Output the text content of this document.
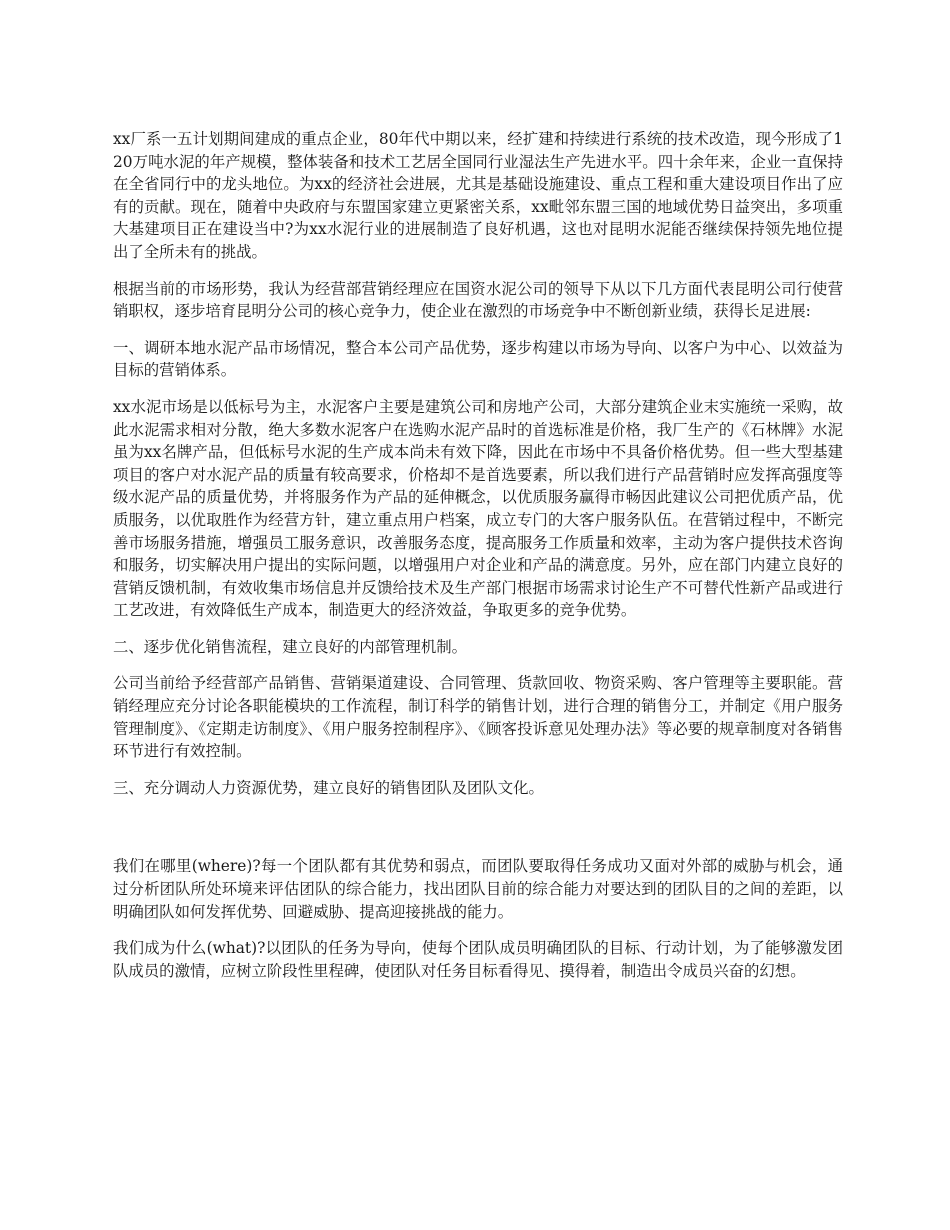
xx厂系一五计划期间建成的重点企业，80年代中期以来，经扩建和持续进行系统的技术改造，现今形成了120万吨水泥的年产规模，整体装备和技术工艺居全国同行业湿法生产先进水平。四十余年来，企业一直保持在全省同行中的龙头地位。为xx的经济社会进展，尤其是基础设施建设、重点工程和重大建设项目作出了应有的贡献。现在，随着中央政府与东盟国家建立更紧密关系，xx毗邻东盟三国的地域优势日益突出，多项重大基建项目正在建设当中?为xx水泥行业的进展制造了良好机遇，这也对昆明水泥能否继续保持领先地位提出了全所未有的挑战。

根据当前的市场形势，我认为经营部营销经理应在国资水泥公司的领导下从以下几方面代表昆明公司行使营销职权，逐步培育昆明分公司的核心竞争力，使企业在激烈的市场竞争中不断创新业绩，获得长足进展:

一、调研本地水泥产品市场情况，整合本公司产品优势，逐步构建以市场为导向、以客户为中心、以效益为目标的营销体系。

xx水泥市场是以低标号为主，水泥客户主要是建筑公司和房地产公司，大部分建筑企业末实施统一采购，故此水泥需求相对分散，绝大多数水泥客户在选购水泥产品时的首选标准是价格，我厂生产的《石林牌》水泥虽为xx名牌产品，但低标号水泥的生产成本尚未有效下降，因此在市场中不具备价格优势。但一些大型基建项目的客户对水泥产品的质量有较高要求，价格却不是首选要素，所以我们进行产品营销时应发挥高强度等级水泥产品的质量优势，并将服务作为产品的延伸概念，以优质服务赢得市畅因此建议公司把优质产品，优质服务，以优取胜作为经营方针，建立重点用户档案，成立专门的大客户服务队伍。在营销过程中，不断完善市场服务措施，增强员工服务意识，改善服务态度，提高服务工作质量和效率，主动为客户提供技术咨询和服务，切实解决用户提出的实际问题，以增强用户对企业和产品的满意度。另外，应在部门内建立良好的营销反馈机制，有效收集市场信息并反馈给技术及生产部门根据市场需求讨论生产不可替代性新产品或进行工艺改进，有效降低生产成本，制造更大的经济效益，争取更多的竞争优势。

二、逐步优化销售流程，建立良好的内部管理机制。

公司当前给予经营部产品销售、营销渠道建设、合同管理、货款回收、物资采购、客户管理等主要职能。营销经理应充分讨论各职能模块的工作流程，制订科学的销售计划，进行合理的销售分工，并制定《用户服务管理制度》、《定期走访制度》、《用户服务控制程序》、《顾客投诉意见处理办法》等必要的规章制度对各销售环节进行有效控制。

三、充分调动人力资源优势，建立良好的销售团队及团队文化。

我们在哪里(where)?每一个团队都有其优势和弱点，而团队要取得任务成功又面对外部的威胁与机会，通过分析团队所处环境来评估团队的综合能力，找出团队目前的综合能力对要达到的团队目的之间的差距，以明确团队如何发挥优势、回避威胁、提高迎接挑战的能力。

我们成为什么(what)?以团队的任务为导向，使每个团队成员明确团队的目标、行动计划，为了能够激发团队成员的激情，应树立阶段性里程碑，使团队对任务目标看得见、摸得着，制造出令成员兴奋的幻想。
